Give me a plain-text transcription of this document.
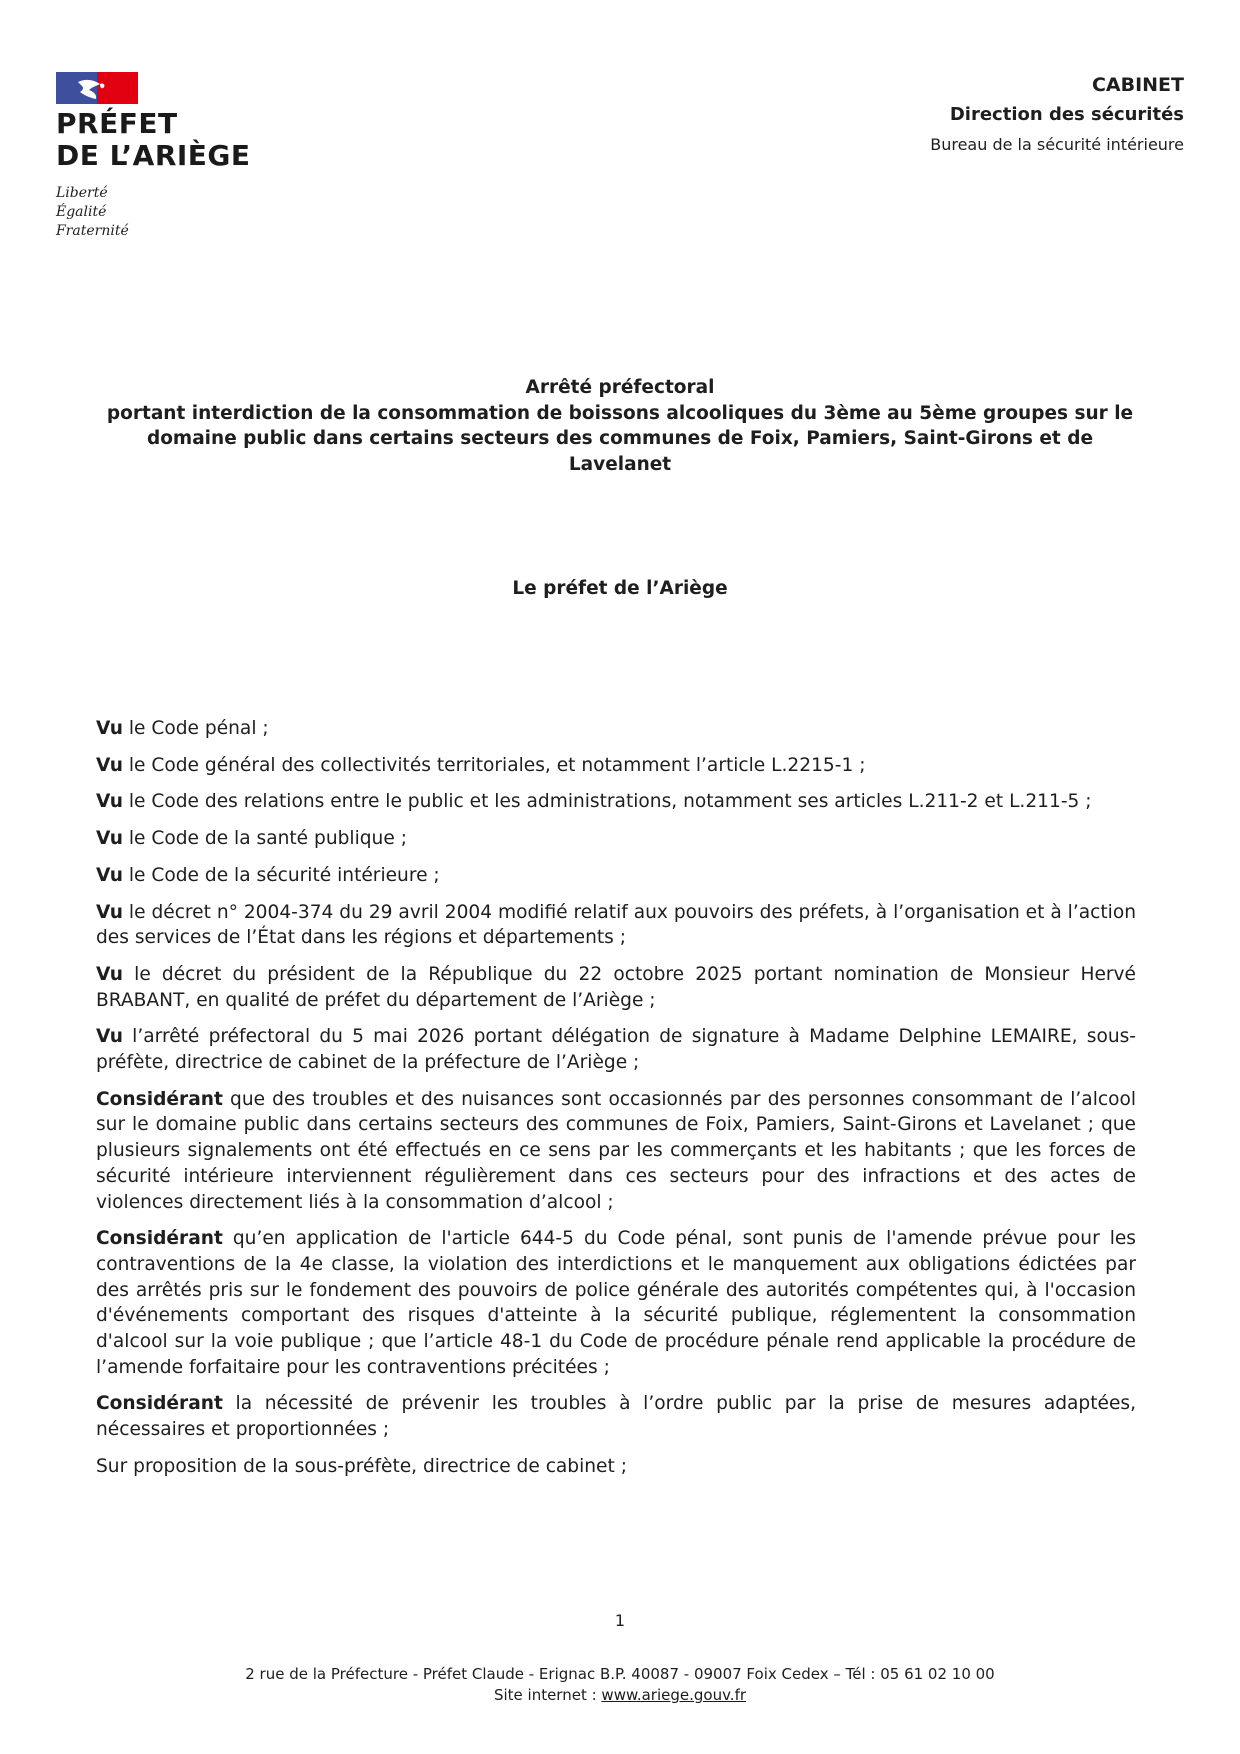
PRÉFET
DE L’ARIÈGE
Liberté
Égalité
Fraternité
CABINET
Direction des sécurités
Bureau de la sécurité intérieure
Arrêté préfectoral
portant interdiction de la consommation de boissons alcooliques du 3ème au 5ème groupes sur le
domaine public dans certains secteurs des communes de Foix, Pamiers, Saint-Girons et de Lavelanet
Le préfet de l’Ariège

Vu le Code pénal ;

Vu le Code général des collectivités territoriales, et notamment l’article L.2215-1 ;

Vu le Code des relations entre le public et les administrations, notamment ses articles L.211-2 et L.211-5 ;

Vu le Code de la santé publique ;

Vu le Code de la sécurité intérieure ;

Vu le décret n° 2004-374 du 29 avril 2004 modifié relatif aux pouvoirs des préfets, à l’organisation et à l’action des services de l’État dans les régions et départements ;

Vu le décret du président de la République du 22 octobre 2025 portant nomination de Monsieur Hervé BRABANT, en qualité de préfet du département de l’Ariège ;

Vu l’arrêté préfectoral du 5 mai 2026 portant délégation de signature à Madame Delphine LEMAIRE, sous-préfète, directrice de cabinet de la préfecture de l’Ariège ;

Considérant que des troubles et des nuisances sont occasionnés par des personnes consommant de l’alcool sur le domaine public dans certains secteurs des communes de Foix, Pamiers, Saint-Girons et Lavelanet ; que plusieurs signalements ont été effectués en ce sens par les commerçants et les habitants ; que les forces de sécurité intérieure interviennent régulièrement dans ces secteurs pour des infractions et des actes de violences directement liés à la consommation d’alcool ;

Considérant qu’en application de l'article 644-5 du Code pénal, sont punis de l'amende prévue pour les contraventions de la 4e classe, la violation des interdictions et le manquement aux obligations édictées par des arrêtés pris sur le fondement des pouvoirs de police générale des autorités compétentes qui, à l'occasion d'événements comportant des risques d'atteinte à la sécurité publique, réglementent la consommation d'alcool sur la voie publique ; que l’article 48-1 du Code de procédure pénale rend applicable la procédure de l’amende forfaitaire pour les contraventions précitées ;

Considérant la nécessité de prévenir les troubles à l’ordre public par la prise de mesures adaptées, nécessaires et proportionnées ;

Sur proposition de la sous-préfète, directrice de cabinet ;

1
2 rue de la Préfecture - Préfet Claude - Erignac B.P. 40087 - 09007 Foix Cedex – Tél : 05 61 02 10 00
Site internet : www.ariege.gouv.fr
